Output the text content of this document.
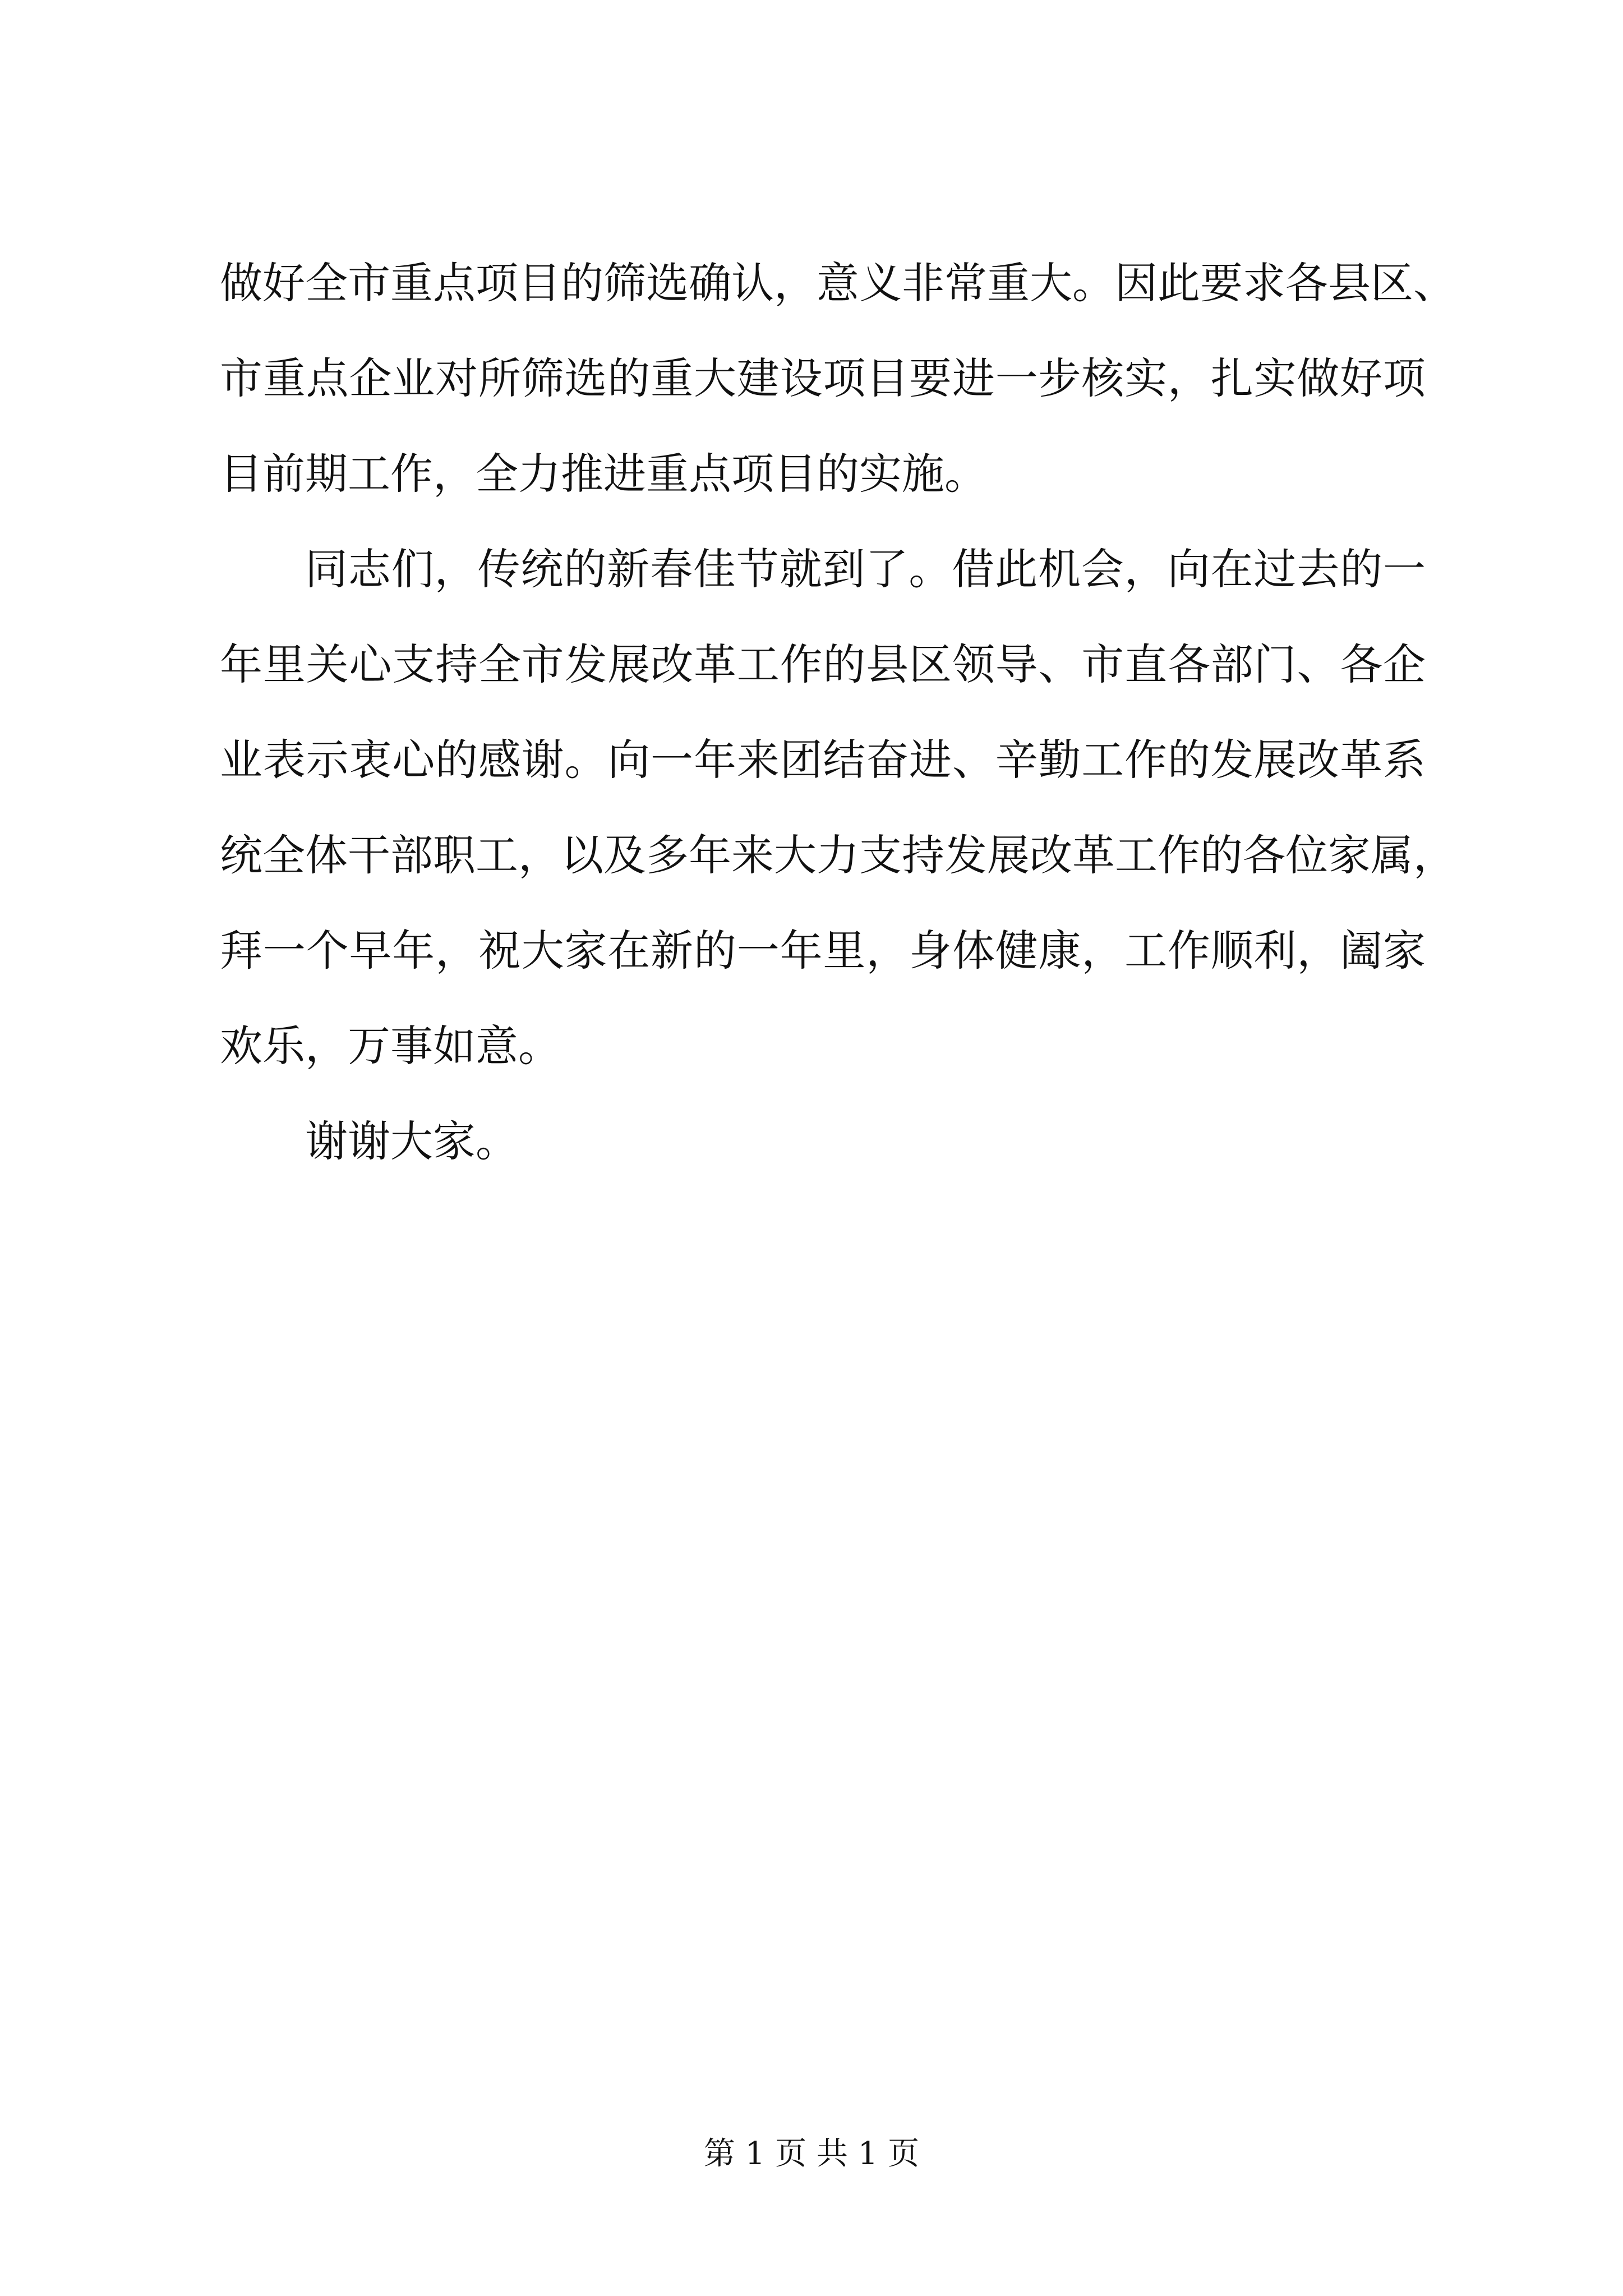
做好全市重点项目的筛选确认，意义非常重大。因此要求各县区、
市重点企业对所筛选的重大建设项目要进一步核实，扎实做好项
目前期工作，全力推进重点项目的实施。
同志们，传统的新春佳节就到了。借此机会，向在过去的一
年里关心支持全市发展改革工作的县区领导、市直各部门、各企
业表示衷心的感谢。向一年来团结奋进、辛勤工作的发展改革系
统全体干部职工，以及多年来大力支持发展改革工作的各位家属，
拜一个早年，祝大家在新的一年里，身体健康，工作顺利，阖家
欢乐，万事如意。
谢谢大家。
第 1 页 共 1 页
